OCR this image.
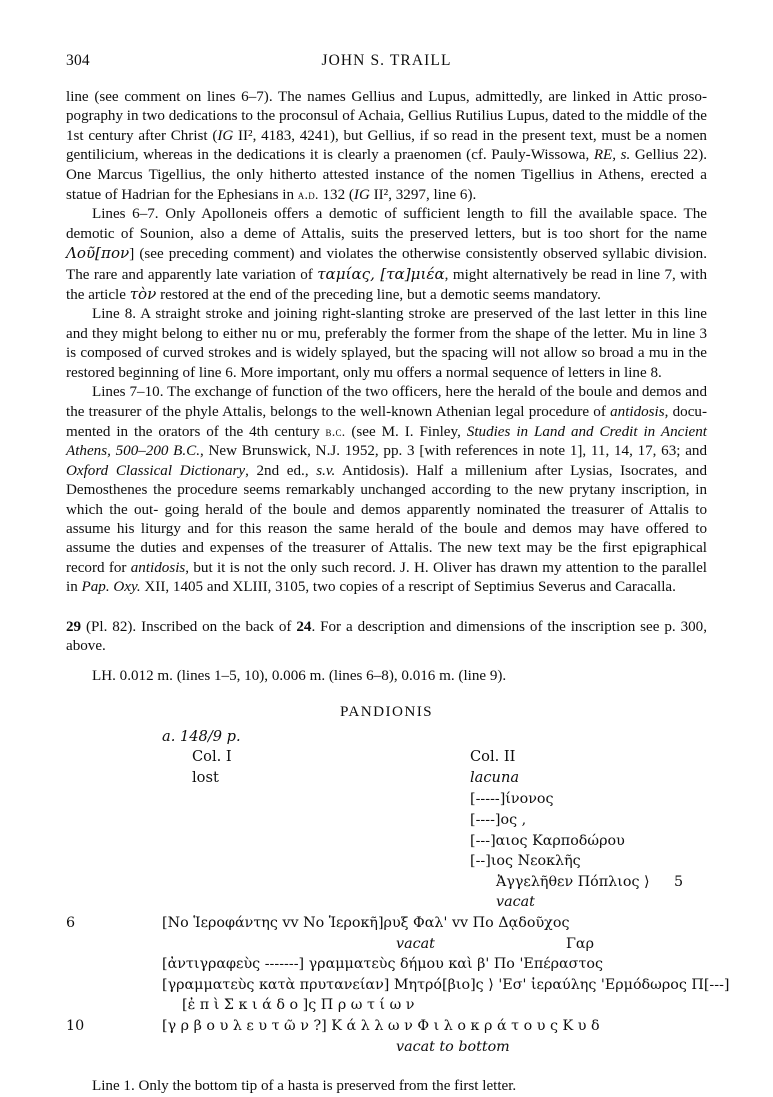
304	JOHN S. TRAILL

line (see comment on lines 6–7). The names Gellius and Lupus, admittedly, are linked in Attic proso- pography in two dedications to the proconsul of Achaia, Gellius Rutilius Lupus, dated to the middle of the 1st century after Christ (IG II², 4183, 4241), but Gellius, if so read in the present text, must be a nomen gentilicium, whereas in the dedications it is clearly a praenomen (cf. Pauly-Wissowa, RE, s. Gellius 22). One Marcus Tigellius, the only hitherto attested instance of the nomen Tigellius in Athens, erected a statue of Hadrian for the Ephesians in a.d. 132 (IG II², 3297, line 6).

Lines 6–7. Only Apolloneis offers a demotic of sufficient length to fill the available space. The demotic of Sounion, also a deme of Attalis, suits the preserved letters, but is too short for the name Λοῦ[πον] (see preceding comment) and violates the otherwise consistently observed syllabic division. The rare and apparently late variation of ταμίας, [τα]μιέα, might alternatively be read in line 7, with the article τὸν restored at the end of the preceding line, but a demotic seems mandatory.

Line 8. A straight stroke and joining right-slanting stroke are preserved of the last letter in this line and they might belong to either nu or mu, preferably the former from the shape of the letter. Mu in line 3 is composed of curved strokes and is widely splayed, but the spacing will not allow so broad a mu in the restored beginning of line 6. More important, only mu offers a normal sequence of letters in line 8.

Lines 7–10. The exchange of function of the two officers, here the herald of the boule and demos and the treasurer of the phyle Attalis, belongs to the well-known Athenian legal procedure of antidosis, docu- mented in the orators of the 4th century b.c. (see M. I. Finley, Studies in Land and Credit in Ancient Athens, 500–200 B.C., New Brunswick, N.J. 1952, pp. 3 [with references in note 1], 11, 14, 17, 63; and Oxford Classical Dictionary, 2nd ed., s.v. Antidosis). Half a millenium after Lysias, Isocrates, and Demosthenes the procedure seems remarkably unchanged according to the new prytany inscription, in which the out- going herald of the boule and demos apparently nominated the treasurer of Attalis to assume his liturgy and for this reason the same herald of the boule and demos may have offered to assume the duties and expenses of the treasurer of Attalis. The new text may be the first epigraphical record for antidosis, but it is not the only such record. J. H. Oliver has drawn my attention to the parallel in Pap. Oxy. XII, 1405 and XLIII, 3105, two copies of a rescript of Septimius Severus and Caracalla.

29 (Pl. 82). Inscribed on the back of 24. For a description and dimensions of the inscription see p. 300, above.
LH. 0.012 m. (lines 1–5, 10), 0.006 m. (lines 6–8), 0.016 m. (line 9).
PANDIONIS
a. 148/9 p.
Col. I	Col. II
lost	lacuna
[-----]ίνονος
[----]ος ,
[---]αιος Καρποδώρου
[--]ιος Νεοκλῆς
Ἀγγελῆθεν Πόπλιος ⟩ 5
vacat
6	[Νο Ἱεροφάντης vv Νο Ἱεροκῆ]ρυξ Φαλ' vv Πο Δᾳδοῦχος
vacat	Γαρ
[ἀντιγραφεὺς -------] γραμματεὺς δήμου καὶ β' Πο 'Επέραστος
[γραμματεὺς κατὰ πρυτανείαν] Μητρό[βιο]ς ⟩ 'Εσ' ἱεραύλης 'Ερμόδωρος Π[---]
[ἐ π ὶ Σ κ ι ά δ ο ]ς Π ρ ω τ ί ω ν
10	[γ ρ β ο υ λ ε υ τ ῶ ν ?] Κ ά λ λ ω ν Φ ι λ ο κ ρ ά τ ο υ ς Κ υ δ
vacat to bottom
Line 1. Only the bottom tip of a hasta is preserved from the first letter.
